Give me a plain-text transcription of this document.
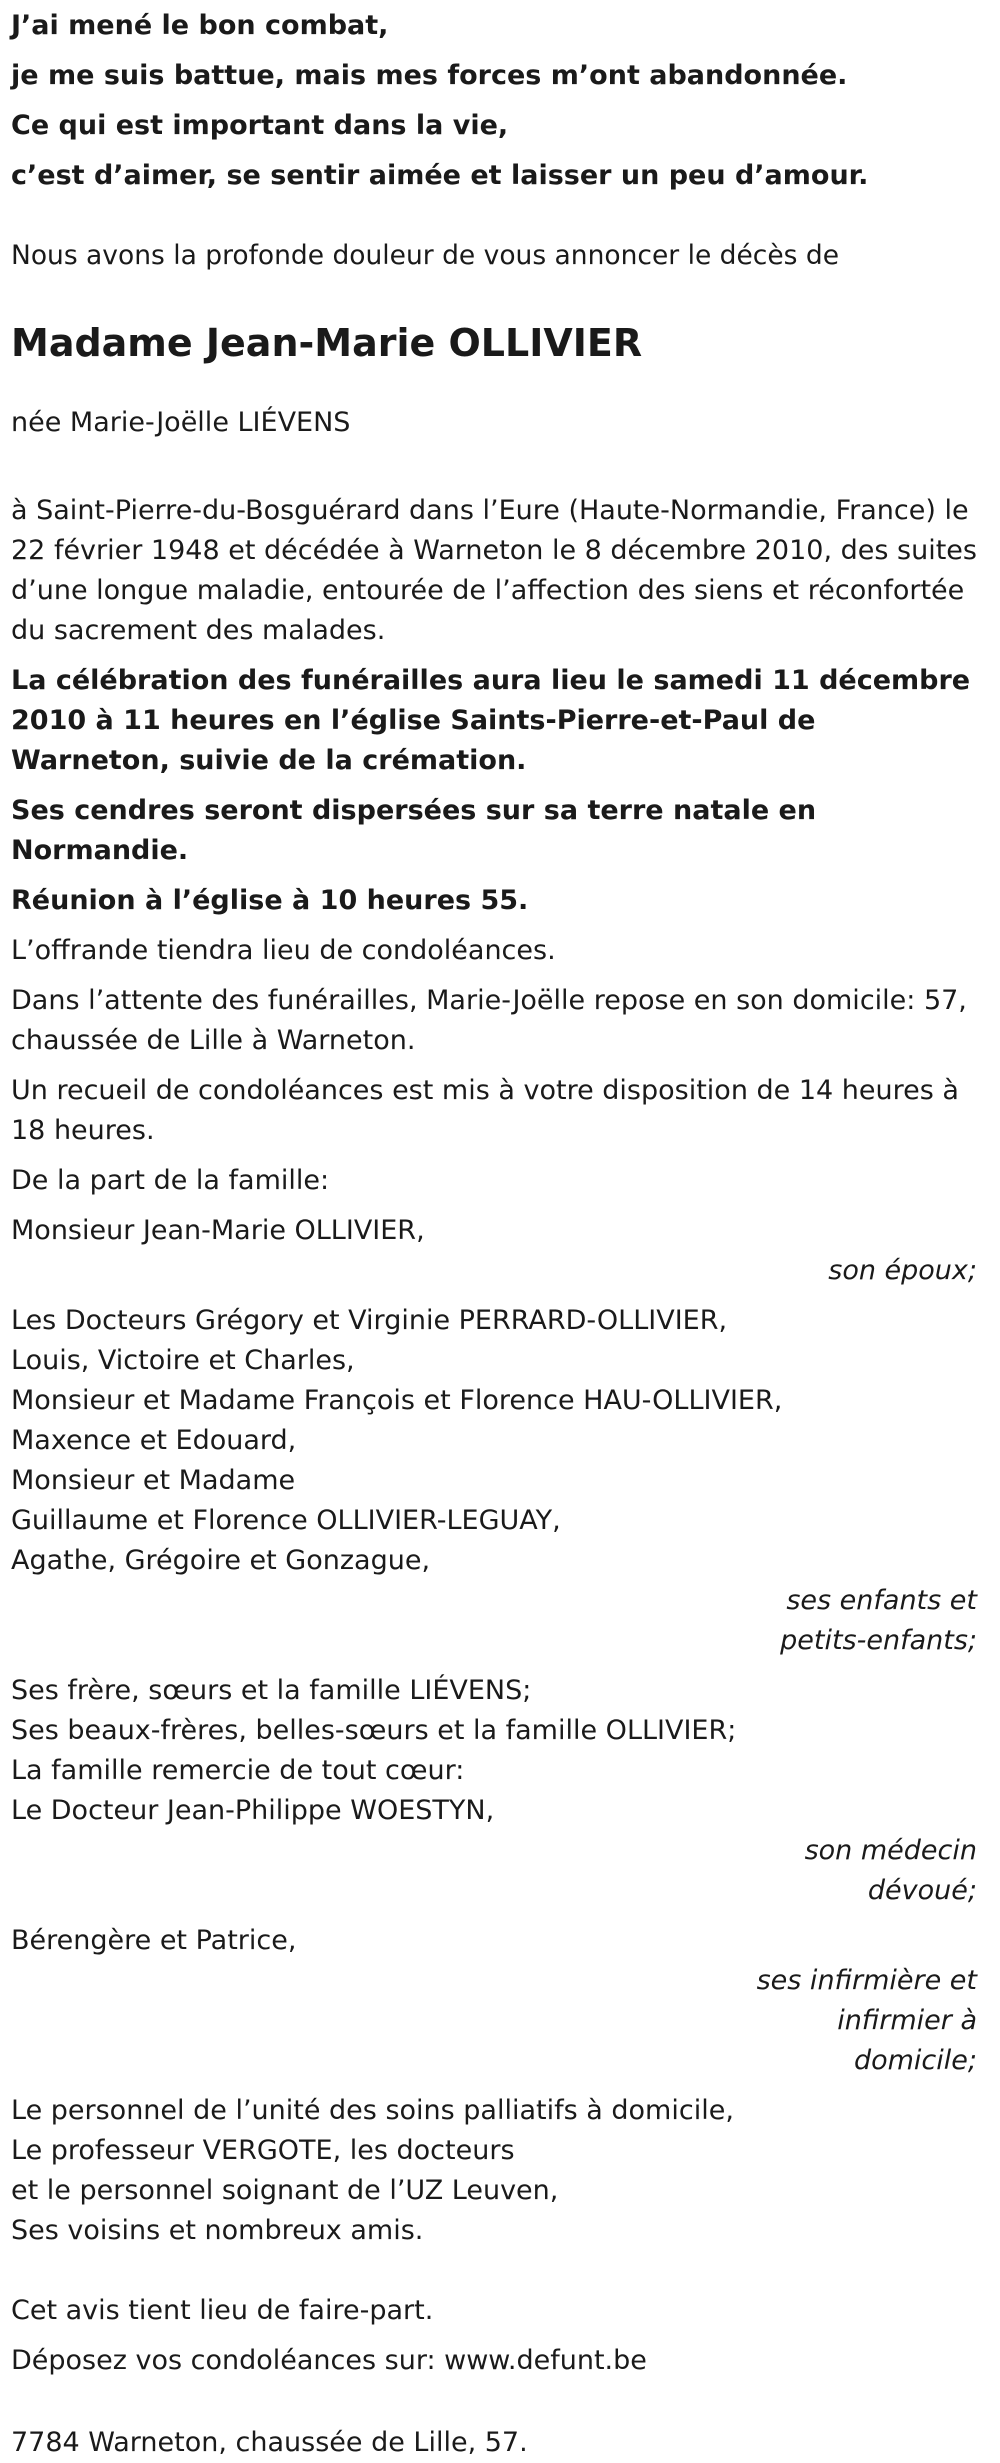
J’ai mené le bon combat,

je me suis battue, mais mes forces m’ont abandonnée.

Ce qui est important dans la vie,

c’est d’aimer, se sentir aimée et laisser un peu d’amour.

Nous avons la profonde douleur de vous annoncer le décès de

Madame Jean-Marie OLLIVIER

née Marie-Joëlle LIÉVENS

à Saint-Pierre-du-Bosguérard dans l’Eure (Haute-Normandie, France) le 22 février 1948 et décédée à Warneton le 8 décembre 2010, des suites d’une longue maladie, entourée de l’affection des siens et réconfortée du sacrement des malades.

La célébration des funérailles aura lieu le samedi 11 décembre 2010 à 11 heures en l’église Saints-Pierre-et-Paul de Warneton, suivie de la crémation.

Ses cendres seront dispersées sur sa terre natale en Normandie.

Réunion à l’église à 10 heures 55.

L’offrande tiendra lieu de condoléances.

Dans l’attente des funérailles, Marie-Joëlle repose en son domicile: 57, chaussée de Lille à Warneton.

Un recueil de condoléances est mis à votre disposition de 14 heures à 18 heures.

De la part de la famille:

Monsieur Jean-Marie OLLIVIER,

son époux;

Les Docteurs Grégory et Virginie PERRARD-OLLIVIER,

Louis, Victoire et Charles,

Monsieur et Madame François et Florence HAU-OLLIVIER,

Maxence et Edouard,

Monsieur et Madame

Guillaume et Florence OLLIVIER-LEGUAY,

Agathe, Grégoire et Gonzague,

ses enfants et

petits-enfants;

Ses frère, sœurs et la famille LIÉVENS;

Ses beaux-frères, belles-sœurs et la famille OLLIVIER;

La famille remercie de tout cœur:

Le Docteur Jean-Philippe WOESTYN,

son médecin

dévoué;

Bérengère et Patrice,

ses infirmière et

infirmier à

domicile;

Le personnel de l’unité des soins palliatifs à domicile,

Le professeur VERGOTE, les docteurs

et le personnel soignant de l’UZ Leuven,

Ses voisins et nombreux amis.

Cet avis tient lieu de faire-part.

Déposez vos condoléances sur: www.defunt.be

7784 Warneton, chaussée de Lille, 57.
